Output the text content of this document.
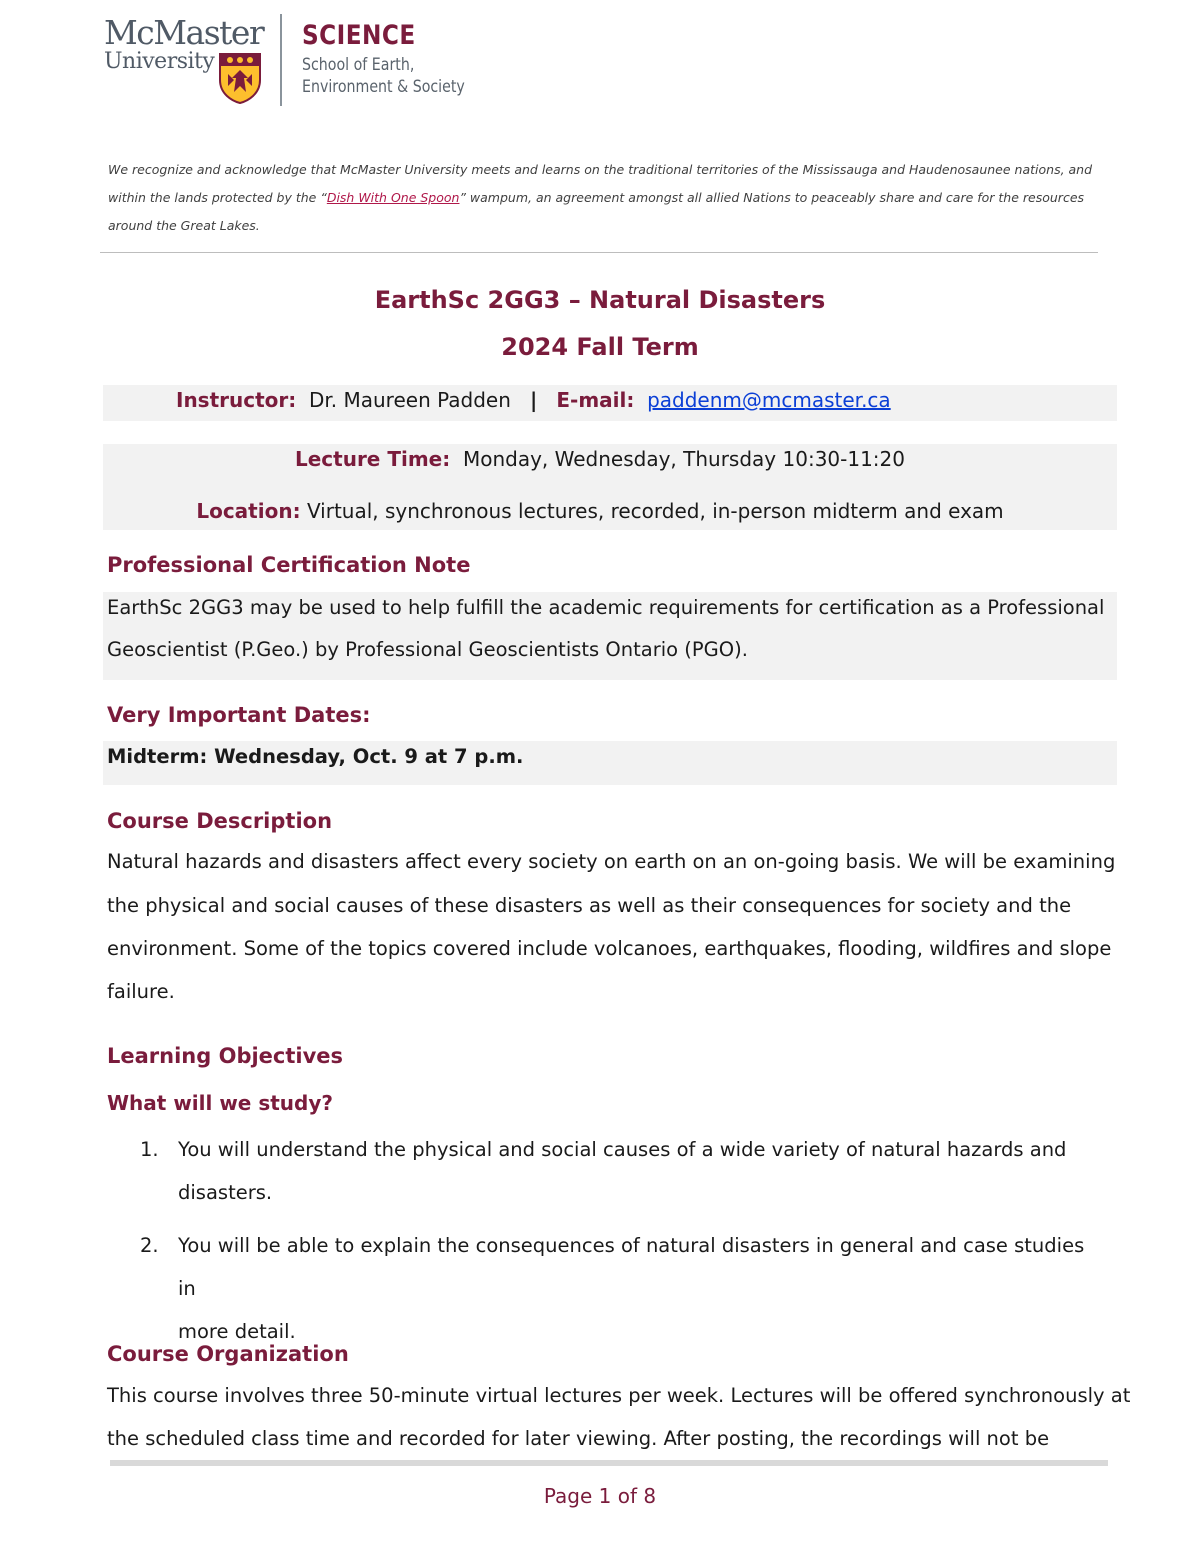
McMaster
University
SCIENCE
School of Earth,
Environment & Society
We recognize and acknowledge that McMaster University meets and learns on the traditional territories of the Mississauga and Haudenosaunee nations, and within the lands protected by the “Dish With One Spoon” wampum, an agreement amongst all allied Nations to peaceably share and care for the resources around the Great Lakes.
EarthSc 2GG3 – Natural Disasters
2024 Fall Term
Instructor: Dr. Maureen Padden | E-mail: paddenm@mcmaster.ca
Lecture Time: Monday, Wednesday, Thursday 10:30-11:20
Location: Virtual, synchronous lectures, recorded, in-person midterm and exam
Professional Certification Note
EarthSc 2GG3 may be used to help fulfill the academic requirements for certification as a Professional
Geoscientist (P.Geo.) by Professional Geoscientists Ontario (PGO).
Very Important Dates:
Midterm: Wednesday, Oct. 9 at 7 p.m.
Course Description
Natural hazards and disasters affect every society on earth on an on-going basis. We will be examining
the physical and social causes of these disasters as well as their consequences for society and the
environment. Some of the topics covered include volcanoes, earthquakes, flooding, wildfires and slope
failure.
Learning Objectives
What will we study?
1. You will understand the physical and social causes of a wide variety of natural hazards and
disasters.
2. You will be able to explain the consequences of natural disasters in general and case studies in
more detail.
Course Organization
This course involves three 50-minute virtual lectures per week. Lectures will be offered synchronously at
the scheduled class time and recorded for later viewing. After posting, the recordings will not be
Page 1 of 8
